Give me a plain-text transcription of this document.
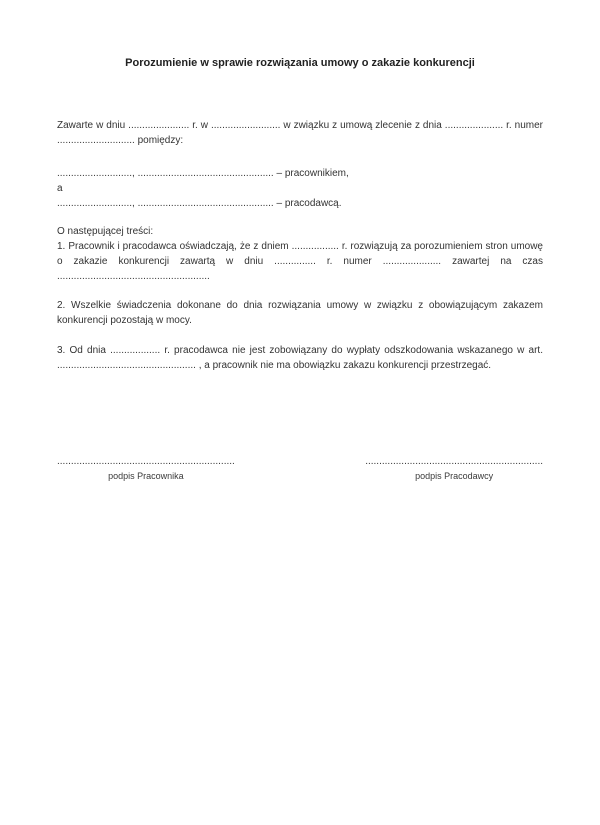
Porozumienie w sprawie rozwiązania umowy o zakazie konkurencji

Zawarte w dniu ...................... r. w ......................... w związku z umową zlecenie z dnia ..................... r. numer ............................ pomiędzy:

..........................., ................................................. – pracownikiem,
a
..........................., ................................................. – pracodawcą.
O następującej treści:

1. Pracownik i pracodawca oświadczają, że z dniem ................. r. rozwiązują za porozumieniem stron umowę o zakazie konkurencji zawartą w dniu ............... r. numer ..................... zawartej na czas .......................................................

2. Wszelkie świadczenia dokonane do dnia rozwiązania umowy w związku z obowiązującym zakazem konkurencji pozostają w mocy.

3. Od dnia .................. r. pracodawca nie jest zobowiązany do wypłaty odszkodowania wskazanego w art. .................................................. , a pracownik nie ma obowiązku zakazu konkurencji przestrzegać.

................................................................
podpis Pracownika
................................................................
podpis Pracodawcy
